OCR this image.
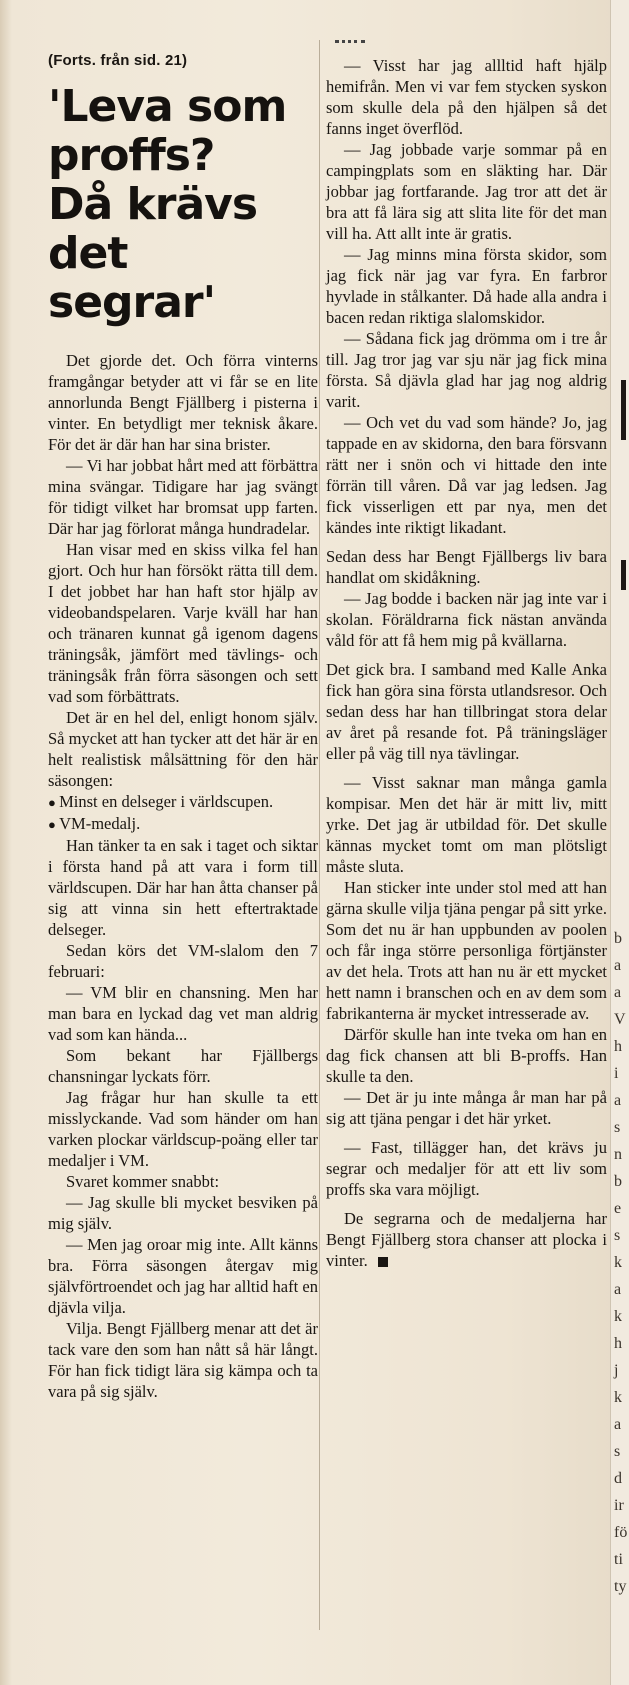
(Forts. från sid. 21)
'Leva som
proffs?
Då krävs
det
segrar'

Det gjorde det. Och förra vinterns framgångar betyder att vi får se en lite annorlunda Bengt Fjällberg i pisterna i vinter. En betydligt mer teknisk åkare. För det är där han har sina brister.

— Vi har jobbat hårt med att förbättra mina svängar. Tidigare har jag svängt för tidigt vilket har bromsat upp farten. Där har jag förlorat många hundradelar.

Han visar med en skiss vilka fel han gjort. Och hur han försökt rätta till dem. I det jobbet har han haft stor hjälp av videobandspelaren. Varje kväll har han och tränaren kunnat gå igenom dagens träningsåk, jämfört med tävlings- och träningsåk från förra säsongen och sett vad som förbättrats.

Det är en hel del, enligt honom själv. Så mycket att han tycker att det här är en helt realistisk målsättning för den här säsongen:

● Minst en delseger i världscupen.

● VM-medalj.

Han tänker ta en sak i taget och siktar i första hand på att vara i form till världscupen. Där har han åtta chanser på sig att vinna sin hett eftertraktade delseger.

Sedan körs det VM-slalom den 7 februari:

— VM blir en chansning. Men har man bara en lyckad dag vet man aldrig vad som kan hända...

Som bekant har Fjällbergs chansningar lyckats förr.

Jag frågar hur han skulle ta ett misslyckande. Vad som händer om han varken plockar världscup-poäng eller tar medaljer i VM.

Svaret kommer snabbt:

— Jag skulle bli mycket besviken på mig själv.

— Men jag oroar mig inte. Allt känns bra. Förra säsongen återgav mig självförtroendet och jag har alltid haft en djävla vilja.

Vilja. Bengt Fjällberg menar att det är tack vare den som han nått så här långt. För han fick tidigt lära sig kämpa och ta vara på sig själv.

— Visst har jag allltid haft hjälp hemifrån. Men vi var fem stycken syskon som skulle dela på den hjälpen så det fanns inget överflöd.

— Jag jobbade varje sommar på en campingplats som en släkting har. Där jobbar jag fortfarande. Jag tror att det är bra att få lära sig att slita lite för det man vill ha. Att allt inte är gratis.

— Jag minns mina första skidor, som jag fick när jag var fyra. En farbror hyvlade in stålkanter. Då hade alla andra i bacen redan riktiga slalomskidor.

— Sådana fick jag drömma om i tre år till. Jag tror jag var sju när jag fick mina första. Så djävla glad har jag nog aldrig varit.

— Och vet du vad som hände? Jo, jag tappade en av skidorna, den bara försvann rätt ner i snön och vi hittade den inte förrän till våren. Då var jag ledsen. Jag fick visserligen ett par nya, men det kändes inte riktigt likadant.

Sedan dess har Bengt Fjällbergs liv bara handlat om skidåkning.

— Jag bodde i backen när jag inte var i skolan. Föräldrarna fick nästan använda våld för att få hem mig på kvällarna.

Det gick bra. I samband med Kalle Anka fick han göra sina första utlandsresor. Och sedan dess har han tillbringat stora delar av året på resande fot. På träningsläger eller på väg till nya tävlingar.

— Visst saknar man många gamla kompisar. Men det här är mitt liv, mitt yrke. Det jag är utbildad för. Det skulle kännas mycket tomt om man plötsligt måste sluta.

Han sticker inte under stol med att han gärna skulle vilja tjäna pengar på sitt yrke. Som det nu är han uppbunden av poolen och får inga större personliga förtjänster av det hela. Trots att han nu är ett mycket hett namn i branschen och en av dem som fabrikanterna är mycket intresserade av.

Därför skulle han inte tveka om han en dag fick chansen att bli B-proffs. Han skulle ta den.

— Det är ju inte många år man har på sig att tjäna pengar i det här yrket.

— Fast, tillägger han, det krävs ju segrar och medaljer för att ett liv som proffs ska vara möjligt.

De segrarna och de medaljerna har Bengt Fjällberg stora chanser att plocka i vinter.

b
a
a
V
h
i
a
s
n
b
e
s
k
a
k
h
j
k
a
s
d
ir
fö
ti
ty
